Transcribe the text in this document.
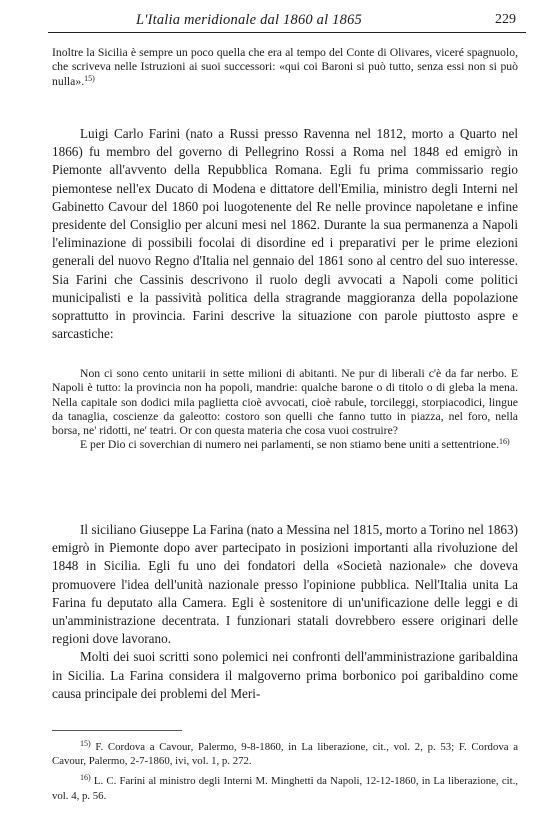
L'Italia meridionale dal 1860 al 1865	229

Inoltre la Sicilia è sempre un poco quella che era al tempo del Conte di Olivares, viceré spagnuolo, che scriveva nelle Istruzioni ai suoi successori: «qui coi Baroni si può tutto, senza essi non si può nulla».$^{15)}$

Luigi Carlo Farini (nato a Russi presso Ravenna nel 1812, morto a Quarto nel 1866) fu membro del governo di Pellegrino Rossi a Roma nel 1848 ed emigrò in Piemonte all'avvento della Repubblica Romana. Egli fu prima commissario regio piemontese nell'ex Ducato di Modena e dittatore dell'Emilia, ministro degli Interni nel Gabinetto Cavour del 1860 poi luogotenente del Re nelle province napoletane e infine presidente del Consiglio per alcuni mesi nel 1862. Durante la sua permanenza a Napoli l'eliminazione di possibili focolai di disordine ed i preparativi per le prime elezioni generali del nuovo Regno d'Italia nel gennaio del 1861 sono al centro del suo interesse. Sia Farini che Cassinis descrivono il ruolo degli avvocati a Napoli come politici municipalisti e la passività politica della stragrande maggioranza della popolazione soprattutto in provincia. Farini descrive la situazione con parole piuttosto aspre e sarcastiche:

Non ci sono cento unitarii in sette milioni di abitanti. Ne pur di liberali c'è da far nerbo. E Napoli è tutto: la provincia non ha popoli, mandrie: qualche barone o di titolo o di gleba la mena. Nella capitale son dodici mila paglietta cioè avvocati, cioè rabule, torcileggi, storpiacodici, lingue da tanaglia, coscienze da galeotto: costoro son quelli che fanno tutto in piazza, nel foro, nella borsa, ne' ridotti, ne' teatri. Or con questa materia che cosa vuoi costruire?

E per Dio ci soverchian di numero nei parlamenti, se non stiamo bene uniti a settentrione.$^{16)}$

Il siciliano Giuseppe La Farina (nato a Messina nel 1815, morto a Torino nel 1863) emigrò in Piemonte dopo aver partecipato in posizioni importanti alla rivoluzione del 1848 in Sicilia. Egli fu uno dei fondatori della «Società nazionale» che doveva promuovere l'idea dell'unità nazionale presso l'opinione pubblica. Nell'Italia unita La Farina fu deputato alla Camera. Egli è sostenitore di un'unificazione delle leggi e di un'amministrazione decentrata. I funzionari statali dovrebbero essere originari delle regioni dove lavorano.

Molti dei suoi scritti sono polemici nei confronti dell'amministrazione garibaldina in Sicilia. La Farina considera il malgoverno prima borbonico poi garibaldino come causa principale dei problemi del Meri-

$^{15)}$ F. Cordova a Cavour, Palermo, 9-8-1860, in La liberazione, cit., vol. 2, p. 53; F. Cordova a Cavour, Palermo, 2-7-1860, ivi, vol. 1, p. 272.

$^{16)}$ L. C. Farini al ministro degli Interni M. Minghetti da Napoli, 12-12-1860, in La liberazione, cit., vol. 4, p. 56.
